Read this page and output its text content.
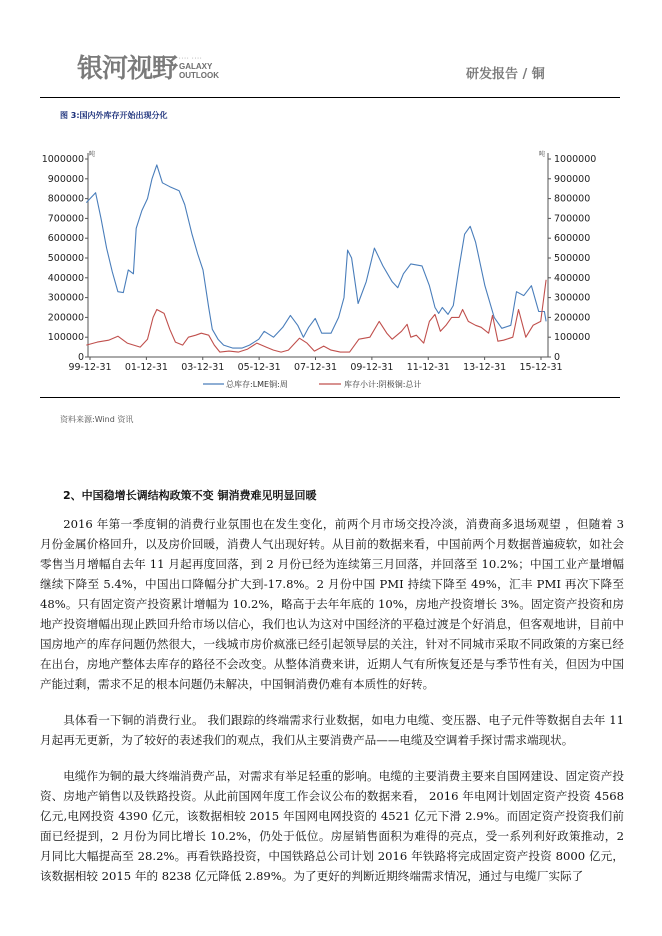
银河视野 ···· ····
GALAXY
OUTLOOK	研发报告 / 铜
图 3:国内外库存开始出现分化
0	0
100000	100000
200000	200000
300000	300000
400000	400000
500000	500000
600000	600000
700000	700000
800000	800000
900000	900000
1000000	1000000
99-12-31 01-12-31 03-12-31 05-12-31 07-12-31 09-12-31 11-12-31 13-12-31 15-12-31
吨	吨
总库存:LME铜:周	库存小计:阴极铜:总计
资料来源:Wind 资讯
2、中国稳增长调结构政策不变 铜消费难见明显回暖
2016 年第一季度铜的消费行业氛围也在发生变化，前两个月市场交投冷淡，消费商多退场观望 ，但随着 3 月份金属价格回升，以及房价回暖，消费人气出现好转。从目前的数据来看，中国前两个月数据普遍疲软，如社会零售当月增幅自去年 11 月起再度回落，到 2 月份已经为连续第三月回落，并回落至 10.2%；中国工业产量增幅继续下降至 5.4%，中国出口降幅分扩大到-17.8%。2 月份中国 PMI 持续下降至 49%，汇丰 PMI 再次下降至 48%。只有固定资产投资累计增幅为 10.2%，略高于去年年底的 10%，房地产投资增长 3%。固定资产投资和房地产投资增幅出现止跌回升给市场以信心，我们也认为这对中国经济的平稳过渡是个好消息，但客观地讲，目前中国房地产的库存问题仍然很大，一线城市房价疯涨已经引起领导层的关注，针对不同城市采取不同政策的方案已经在出台，房地产整体去库存的路径不会改变。从整体消费来讲，近期人气有所恢复还是与季节性有关，但因为中国产能过剩，需求不足的根本问题仍未解决，中国铜消费仍难有本质性的好转。
具体看一下铜的消费行业。 我们跟踪的终端需求行业数据，如电力电缆、变压器、电子元件等数据自去年 11 月起再无更新，为了较好的表述我们的观点，我们从主要消费产品——电缆及空调着手探讨需求端现状。
电缆作为铜的最大终端消费产品，对需求有举足轻重的影响。电缆的主要消费主要来自国网建设、固定资产投资、房地产销售以及铁路投资。从此前国网年度工作会议公布的数据来看， 2016 年电网计划固定资产投资 4568 亿元,电网投资 4390 亿元，该数据相较 2015 年国网电网投资的 4521 亿元下滑 2.9%。而固定资产投资我们前面已经提到，2 月份为同比增长 10.2%，仍处于低位。房屋销售面积为难得的亮点，受一系列利好政策推动，2 月同比大幅提高至 28.2%。再看铁路投资，中国铁路总公司计划 2016 年铁路将完成固定资产投资 8000 亿元，该数据相较 2015 年的 8238 亿元降低 2.89%。为了更好的判断近期终端需求情况，通过与电缆厂实际了
